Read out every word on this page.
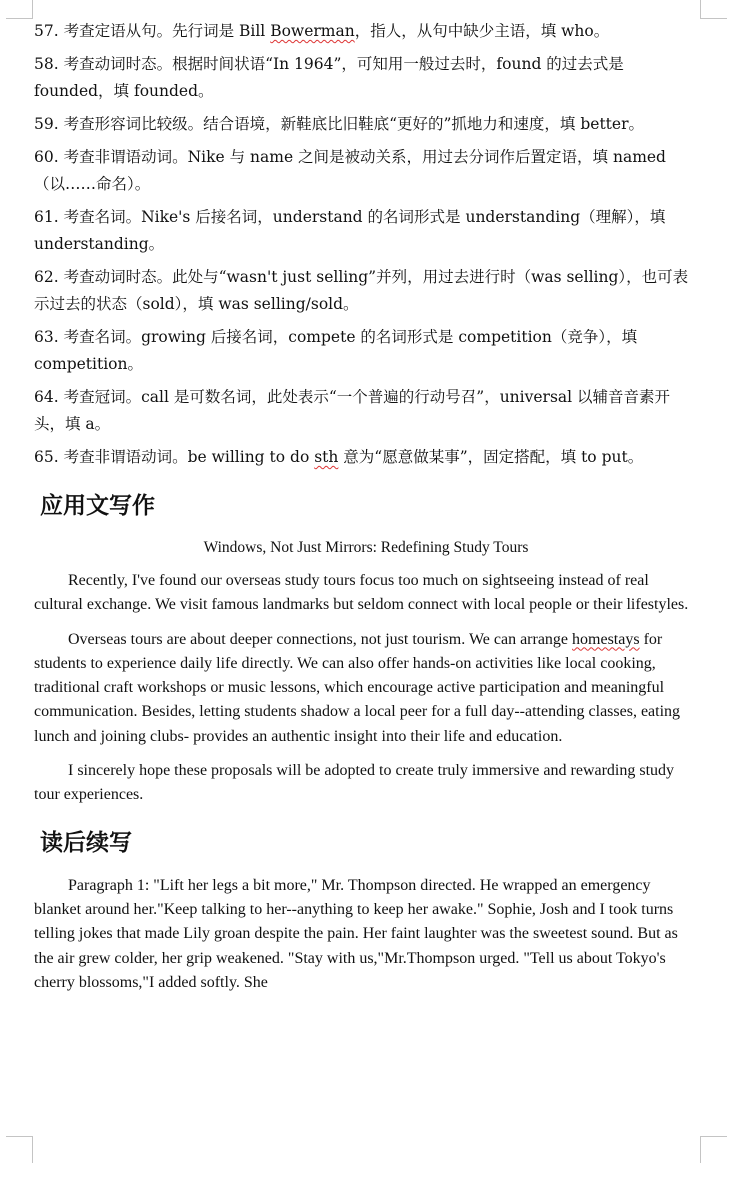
57. 考查定语从句。先行词是 Bill Bowerman，指人，从句中缺少主语，填 who。

58. 考查动词时态。根据时间状语“In 1964”，可知用一般过去时，found 的过去式是 founded，填 founded。

59. 考查形容词比较级。结合语境，新鞋底比旧鞋底“更好的”抓地力和速度，填 better。

60. 考查非谓语动词。Nike 与 name 之间是被动关系，用过去分词作后置定语，填 named（以……命名）。

61. 考查名词。Nike's 后接名词，understand 的名词形式是 understanding（理解），填 understanding。

62. 考查动词时态。此处与“wasn't just selling”并列，用过去进行时（was selling），也可表示过去的状态（sold），填 was selling/sold。

63. 考查名词。growing 后接名词，compete 的名词形式是 competition（竞争），填 competition。

64. 考查冠词。call 是可数名词，此处表示“一个普遍的行动号召”，universal 以辅音音素开头，填 a。

65. 考查非谓语动词。be willing to do sth 意为“愿意做某事”，固定搭配，填 to put。

应用文写作
Windows, Not Just Mirrors: Redefining Study Tours

Recently, I've found our overseas study tours focus too much on sightseeing instead of real cultural exchange. We visit famous landmarks but seldom connect with local people or their lifestyles.

Overseas tours are about deeper connections, not just tourism. We can arrange homestays for students to experience daily life directly. We can also offer hands-on activities like local cooking, traditional craft workshops or music lessons, which encourage active participation and meaningful communication. Besides, letting students shadow a local peer for a full day--attending classes, eating lunch and joining clubs- provides an authentic insight into their life and education.

I sincerely hope these proposals will be adopted to create truly immersive and rewarding study tour experiences.

读后续写

Paragraph 1: "Lift her legs a bit more," Mr. Thompson directed. He wrapped an emergency blanket around her."Keep talking to her--anything to keep her awake." Sophie, Josh and I took turns telling jokes that made Lily groan despite the pain. Her faint laughter was the sweetest sound. But as the air grew colder, her grip weakened. "Stay with us,"Mr.Thompson urged. "Tell us about Tokyo's cherry blossoms,"I added softly. She
